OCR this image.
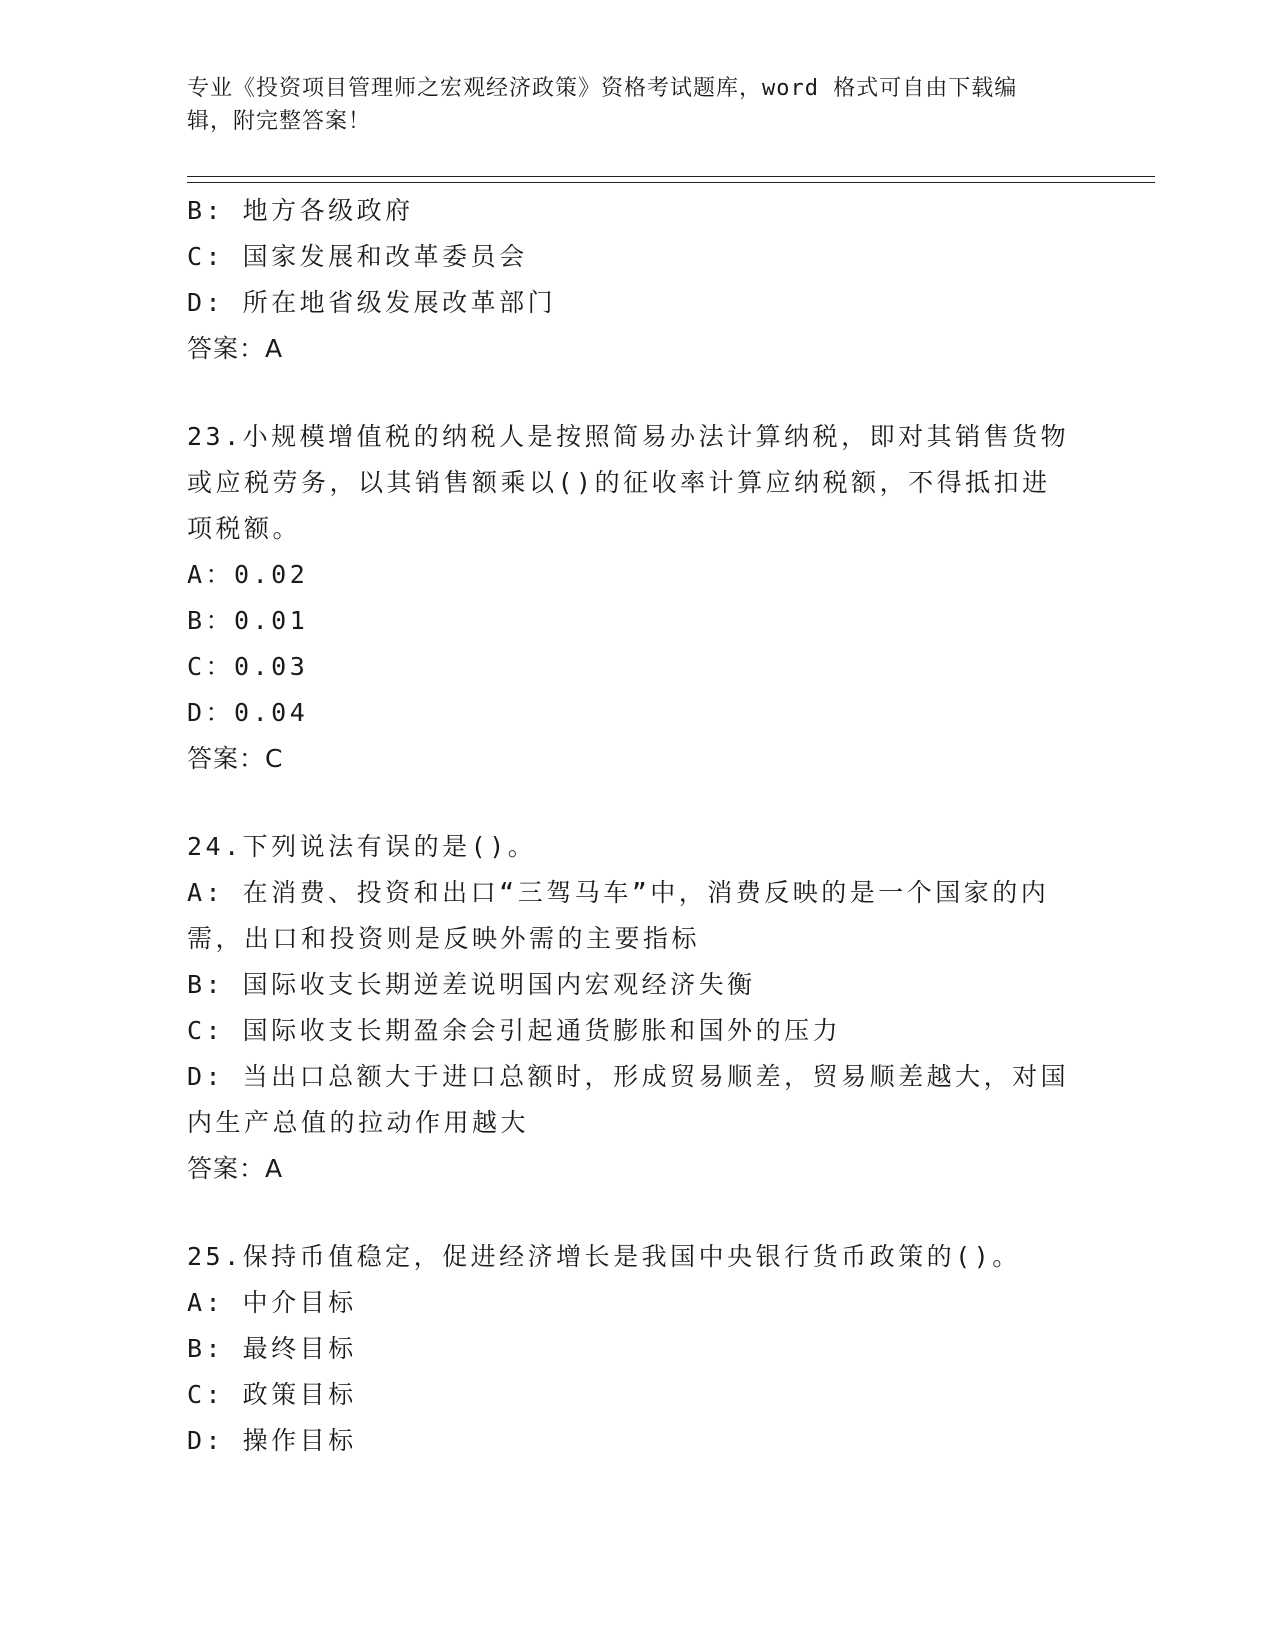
专业《投资项目管理师之宏观经济政策》资格考试题库，word 格式可自由下载编
辑，附完整答案！
B: 地方各级政府
C: 国家发展和改革委员会
D: 所在地省级发展改革部门
答案：A
23.小规模增值税的纳税人是按照简易办法计算纳税，即对其销售货物
或应税劳务，以其销售额乘以()的征收率计算应纳税额，不得抵扣进
项税额。
A：0.02
B：0.01
C：0.03
D：0.04
答案：C
24.下列说法有误的是()。
A: 在消费、投资和出口“三驾马车”中，消费反映的是一个国家的内
需，出口和投资则是反映外需的主要指标
B: 国际收支长期逆差说明国内宏观经济失衡
C: 国际收支长期盈余会引起通货膨胀和国外的压力
D: 当出口总额大于进口总额时，形成贸易顺差，贸易顺差越大，对国
内生产总值的拉动作用越大
答案：A
25.保持币值稳定，促进经济增长是我国中央银行货币政策的()。
A: 中介目标
B: 最终目标
C: 政策目标
D: 操作目标
